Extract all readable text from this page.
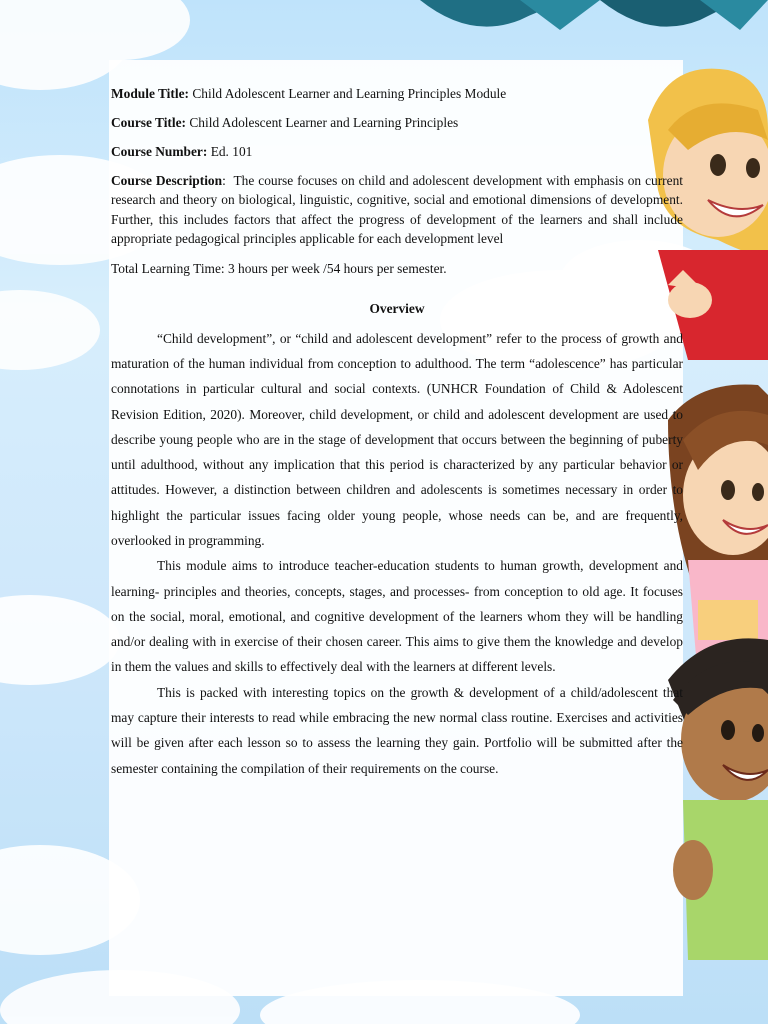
Module Title: Child Adolescent Learner and Learning Principles Module

Course Title: Child Adolescent Learner and Learning Principles

Course Number: Ed. 101

Course Description: The course focuses on child and adolescent development with emphasis on current research and theory on biological, linguistic, cognitive, social and emotional dimensions of development. Further, this includes factors that affect the progress of development of the learners and shall include appropriate pedagogical principles applicable for each development level

Total Learning Time: 3 hours per week /54 hours per semester.

Overview

“Child development”, or “child and adolescent development” refer to the process of growth and maturation of the human individual from conception to adulthood. The term “adolescence” has particular connotations in particular cultural and social contexts. (UNHCR Foundation of Child & Adolescent Revision Edition, 2020). Moreover, child development, or child and adolescent development are used to describe young people who are in the stage of development that occurs between the beginning of puberty until adulthood, without any implication that this period is characterized by any particular behavior or attitudes. However, a distinction between children and adolescents is sometimes necessary in order to highlight the particular issues facing older young people, whose needs can be, and are frequently, overlooked in programming.

This module aims to introduce teacher-education students to human growth, development and learning- principles and theories, concepts, stages, and processes- from conception to old age. It focuses on the social, moral, emotional, and cognitive development of the learners whom they will be handling and/or dealing with in exercise of their chosen career. This aims to give them the knowledge and develop in them the values and skills to effectively deal with the learners at different levels.

This is packed with interesting topics on the growth & development of a child/adolescent that may capture their interests to read while embracing the new normal class routine. Exercises and activities will be given after each lesson so to assess the learning they gain. Portfolio will be submitted after the semester containing the compilation of their requirements on the course.
